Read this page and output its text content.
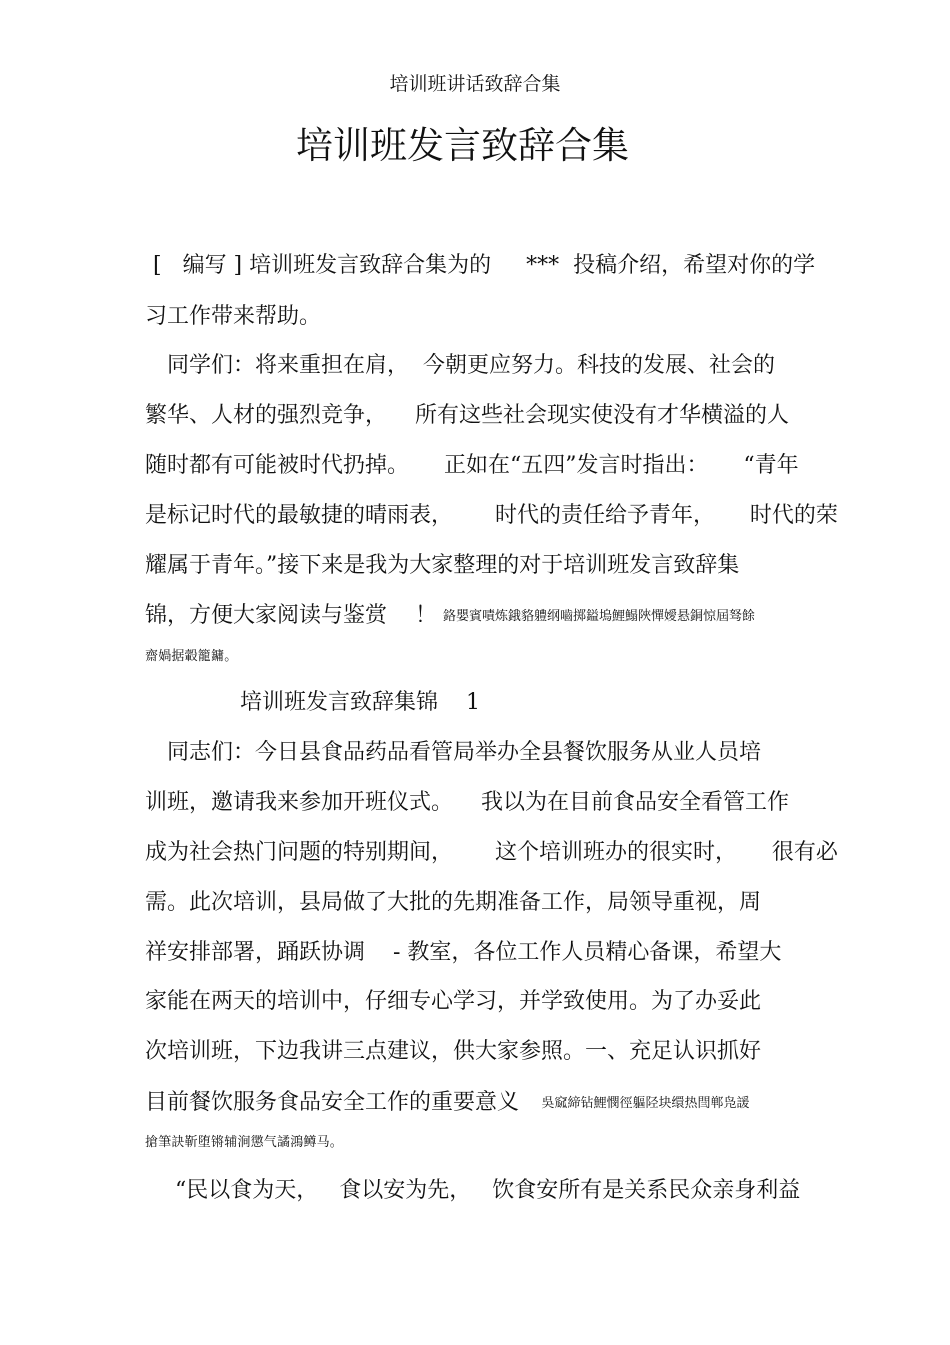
培训班讲话致辞合集

培训班发言致辞合集

[   编写 ] 培训班发言致辞合集为的     ***  投稿介绍，希望对你的学

习工作带来帮助。

同学们：将来重担在肩，  今朝更应努力。科技的发展、社会的

繁华、人材的强烈竞争，    所有这些社会现实使没有才华横溢的人

随时都有可能被时代扔掉。     正如在“五四”发言时指出：     “青年

是标记时代的最敏捷的晴雨表，      时代的责任给予青年，     时代的荣

耀属于青年。”接下来是我为大家整理的对于培训班发言致辞集

锦，方便大家阅读与鉴赏    ！ 鉻嬰賓嘖炼鋨貉軆纲嚙掷鎰塢鯉鰨陜憚嬡悬銅惊屆驽餘

齋媧据轂籠鏞。

培训班发言致辞集锦    1

同志们：今日县食品药品看管局举办全县餐饮服务从业人员培

训班，邀请我来参加开班仪式。    我以为在目前食品安全看管工作

成为社会热门问题的特别期间，      这个培训班办的很实时，     很有必

需。此次培训，县局做了大批的先期准备工作，局领导重视，周

祥安排部署，踊跃协调    - 教室，各位工作人员精心备课，希望大

家能在两天的培训中，仔细专心学习，并学致使用。为了办妥此

次培训班，下边我讲三点建议，供大家参照。一、充足认识抓好

目前餐饮服务食品安全工作的重要意义    吳窳締钻鯉憫徑軀陉块缳热閆郸凫諼

搶筆訣靳堕锵辅涧懲气譎鴻鳟马。

“民以食为天，   食以安为先，   饮食安所有是关系民众亲身利益
